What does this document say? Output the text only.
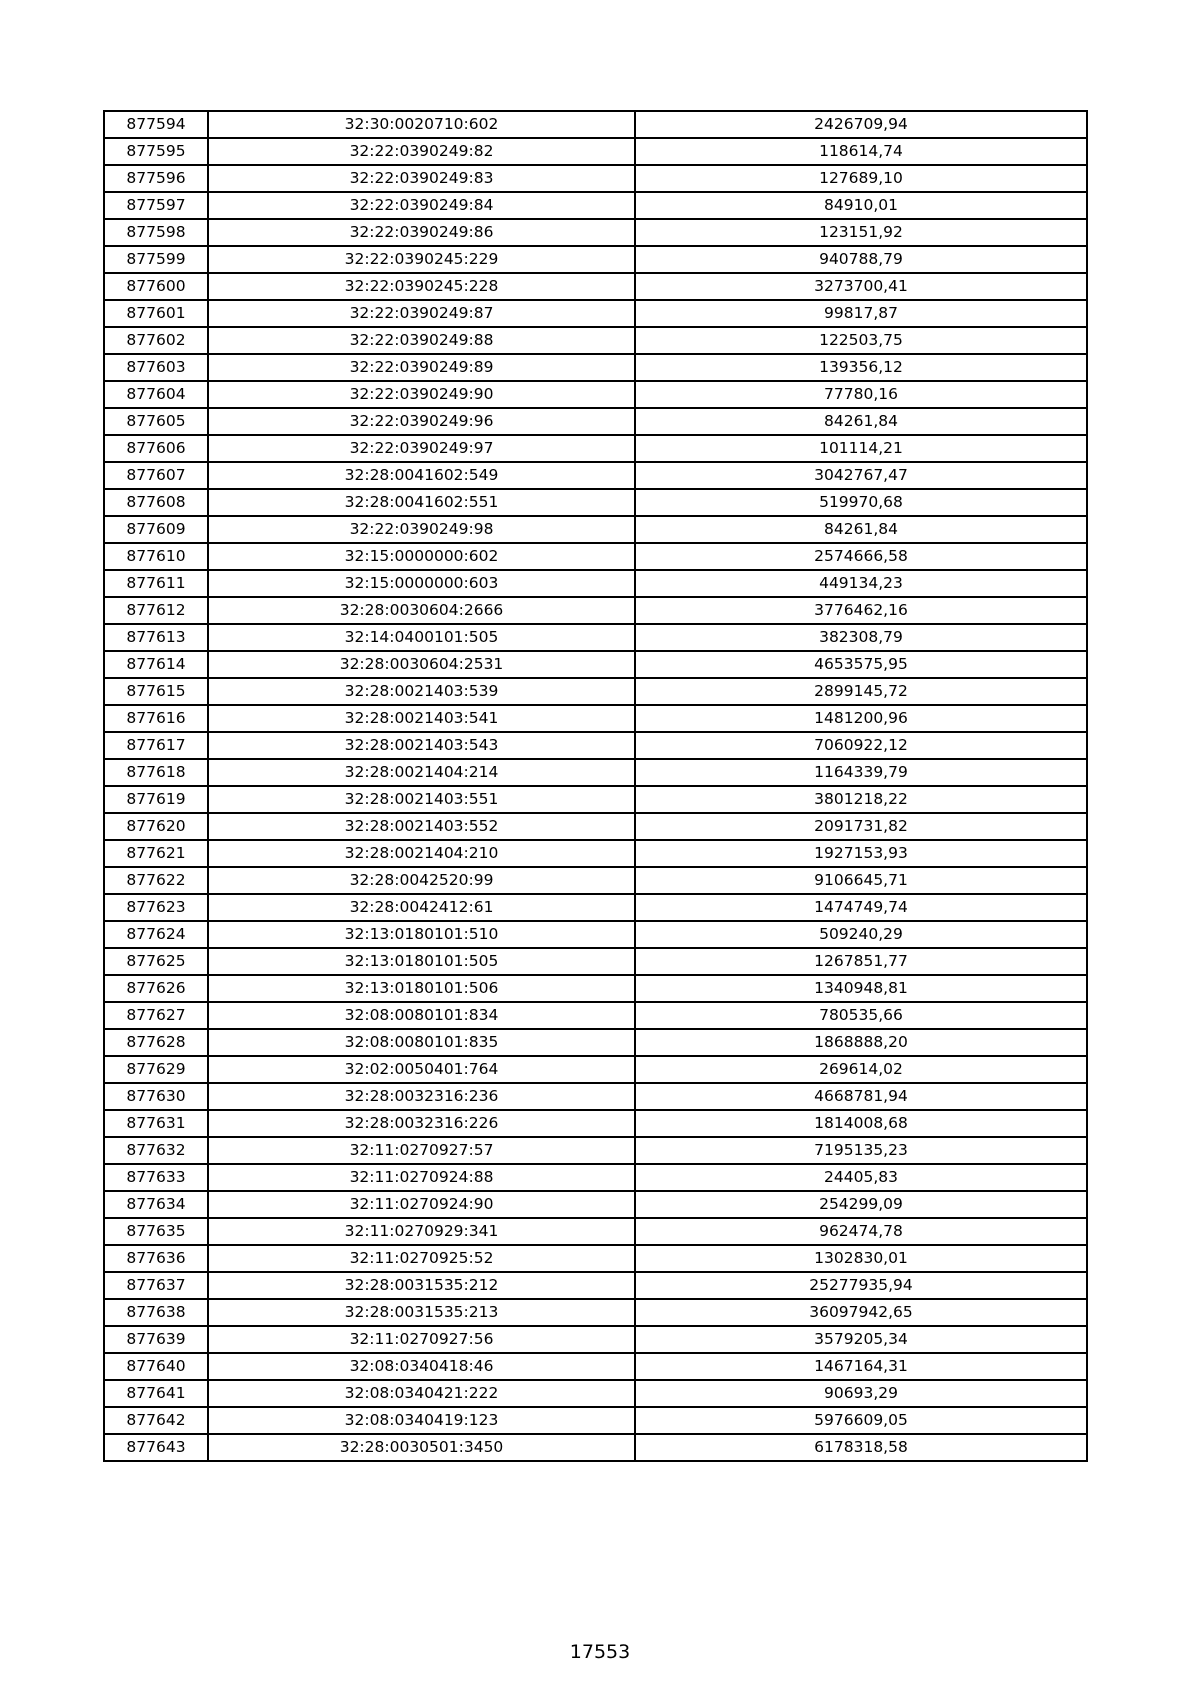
877594	32:30:0020710:602	2426709,94
877595	32:22:0390249:82	118614,74
877596	32:22:0390249:83	127689,10
877597	32:22:0390249:84	84910,01
877598	32:22:0390249:86	123151,92
877599	32:22:0390245:229	940788,79
877600	32:22:0390245:228	3273700,41
877601	32:22:0390249:87	99817,87
877602	32:22:0390249:88	122503,75
877603	32:22:0390249:89	139356,12
877604	32:22:0390249:90	77780,16
877605	32:22:0390249:96	84261,84
877606	32:22:0390249:97	101114,21
877607	32:28:0041602:549	3042767,47
877608	32:28:0041602:551	519970,68
877609	32:22:0390249:98	84261,84
877610	32:15:0000000:602	2574666,58
877611	32:15:0000000:603	449134,23
877612	32:28:0030604:2666	3776462,16
877613	32:14:0400101:505	382308,79
877614	32:28:0030604:2531	4653575,95
877615	32:28:0021403:539	2899145,72
877616	32:28:0021403:541	1481200,96
877617	32:28:0021403:543	7060922,12
877618	32:28:0021404:214	1164339,79
877619	32:28:0021403:551	3801218,22
877620	32:28:0021403:552	2091731,82
877621	32:28:0021404:210	1927153,93
877622	32:28:0042520:99	9106645,71
877623	32:28:0042412:61	1474749,74
877624	32:13:0180101:510	509240,29
877625	32:13:0180101:505	1267851,77
877626	32:13:0180101:506	1340948,81
877627	32:08:0080101:834	780535,66
877628	32:08:0080101:835	1868888,20
877629	32:02:0050401:764	269614,02
877630	32:28:0032316:236	4668781,94
877631	32:28:0032316:226	1814008,68
877632	32:11:0270927:57	7195135,23
877633	32:11:0270924:88	24405,83
877634	32:11:0270924:90	254299,09
877635	32:11:0270929:341	962474,78
877636	32:11:0270925:52	1302830,01
877637	32:28:0031535:212	25277935,94
877638	32:28:0031535:213	36097942,65
877639	32:11:0270927:56	3579205,34
877640	32:08:0340418:46	1467164,31
877641	32:08:0340421:222	90693,29
877642	32:08:0340419:123	5976609,05
877643	32:28:0030501:3450	6178318,58
17553
